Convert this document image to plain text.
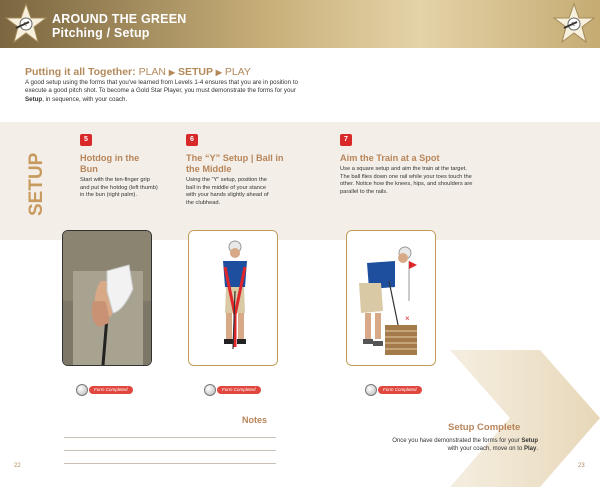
AROUND THE GREEN
Pitching / Setup
Putting it all Together: PLAN ▶ SETUP ▶ PLAY
A good setup using the forms that you've learned from Levels 1-4 ensures that you are in position to execute a good pitch shot. To become a Gold Star Player, you must demonstrate the forms for your Setup, in sequence, with your coach.
SETUP
5
Hotdog in the Bun
Start with the ten-finger grip and put the hotdog (left thumb) in the bun (right palm).
6
The “Y” Setup | Ball in the Middle
Using the “Y” setup, position the ball in the middle of your stance with your hands slightly ahead of the clubhead.
7
Aim the Train at a Spot
Use a square setup and aim the train at the target. The ball flies down one rail while your toes touch the other. Notice how the knees, hips, and shoulders are parallel to the rails.
×
Form Completed	Form Completed	Form Completed
Notes
Setup Complete
Once you have demonstrated the forms for your Setup
with your coach, move on to Play.
22	23
